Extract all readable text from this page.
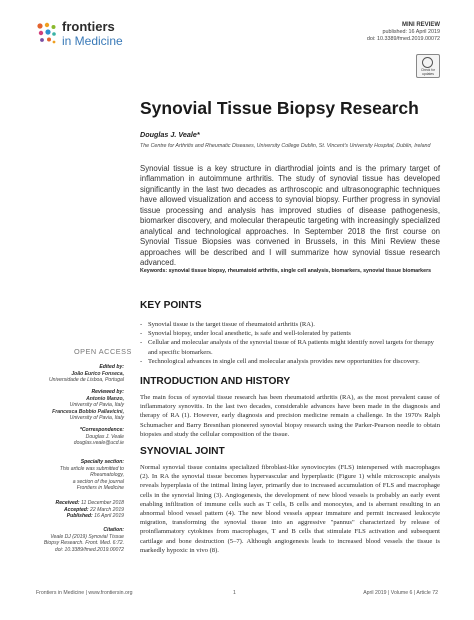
frontiers
in Medicine
MINI REVIEW
published: 16 April 2019
doi: 10.3389/fmed.2019.00072
Check for updates
Synovial Tissue Biopsy Research
Douglas J. Veale*
The Centre for Arthritis and Rheumatic Diseases, University College Dublin, St. Vincent's University Hospital, Dublin, Ireland
Synovial tissue is a key structure in diarthrodial joints and is the primary target of inflammation in autoimmune arthritis. The study of synovial tissue has developed significantly in the last two decades as arthroscopic and ultrasonographic techniques have allowed visualization and access to synovial biopsy. Further progress in synovial tissue processing and analysis has improved studies of disease pathogenesis, biomarker discovery, and molecular therapeutic targeting with increasingly specialized analytical and technological approaches. In September 2018 the first course on Synovial Tissue Biopsies was convened in Brussels, in this Mini Review these approaches will be described and I will summarize how synovial tissue research advanced.
Keywords: synovial tissue biopsy, rheumatoid arthritis, single cell analysis, biomarkers, synovial tissue biomarkers
KEY POINTS
- Synovial tissue is the target tissue of rheumatoid arthritis (RA).
- Synovial biopsy, under local anesthetic, is safe and well-tolerated by patients
- Cellular and molecular analysis of the synovial tissue of RA patients might identify novel targets for therapy and specific biomarkers.
- Technological advances in single cell and molecular analysis provides new opportunities for discovery.
INTRODUCTION AND HISTORY
The main focus of synovial tissue research has been rheumatoid arthritis (RA), as the most prevalent cause of inflammatory synovitis. In the last two decades, considerable advances have been made in the diagnosis and therapy of RA (1). However, early diagnosis and precision medicine remain a challenge. In the 1970's Ralph Schumacher and Barry Bresnihan pioneered synovial biopsy research using the Parker-Pearson needle to obtain biopsies and study the cellular composition of the tissue.
SYNOVIAL JOINT
Normal synovial tissue contains specialized fibroblast-like synoviocytes (FLS) interspersed with macrophages (2). In RA the synovial tissue becomes hypervascular and hyperplastic (Figure 1) while microscopic analysis reveals hyperplasia of the intimal lining layer, primarily due to increased accumulation of FLS and macrophage cells in the synovial lining (3). Angiogenesis, the development of new blood vessels is probably an early event enabling infiltration of immune cells such as T cells, B cells and monocytes, and is aberrant resulting in an abnormal blood vessel pattern (4). The new blood vessels appear immature and permit increased leukocyte migration, transforming the synovial tissue into an aggressive "pannus" characterized by release of proinflammatory cytokines from macrophages, T and B cells that stimulate FLS activation and subsequent cartilage and bone destruction (5–7). Although angiogenesis leads to increased blood vessels the tissue is markedly hypoxic in vivo (8).
OPEN ACCESS
Edited by:
João Eurico Fonseca,
Universidade de Lisboa, Portugal
Reviewed by:
Antonio Manzo,
University of Pavia, Italy
Francesca Bobbio Pallavicini,
University of Pavia, Italy
*Correspondence:
Douglas J. Veale
douglas.veale@ucd.ie
Specialty section:
This article was submitted to
Rheumatology,
a section of the journal
Frontiers in Medicine
Received: 11 December 2018
Accepted: 22 March 2019
Published: 16 April 2019
Citation:
Veale DJ (2019) Synovial Tissue
Biopsy Research. Front. Med. 6:72.
doi: 10.3389/fmed.2019.00072
Frontiers in Medicine | www.frontiersin.org	1	April 2019 | Volume 6 | Article 72
